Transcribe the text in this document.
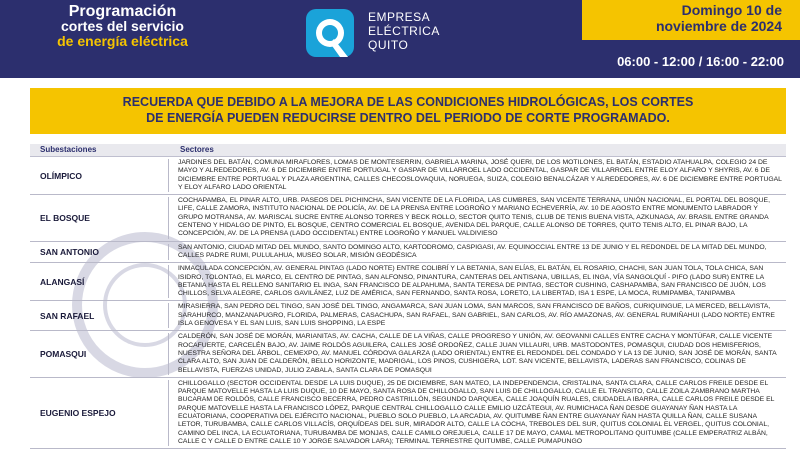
Programación
cortes del servicio
de energía eléctrica
EMPRESA
ELÉCTRICA
QUITO
Domingo 10 de
noviembre de 2024
06:00 - 12:00 / 16:00 - 22:00
RECUERDA QUE DEBIDO A LA MEJORA DE LAS CONDICIONES HIDROLÓGICAS, LOS CORTES
DE ENERGÍA PUEDEN REDUCIRSE DENTRO DEL PERIODO DE CORTE PROGRAMADO.
Subestaciones	Sectores
OLÍMPICO
JARDINES DEL BATÁN, COMUNA MIRAFLORES, LOMAS DE MONTESERRIN, GABRIELA MARINA, JOSÉ QUERI, DE LOS MOTILONES, EL BATÁN, ESTADIO ATAHUALPA, COLEGIO 24 DE MAYO Y ALREDEDORES, AV. 6 DE DICIEMBRE ENTRE PORTUGAL Y GASPAR DE VILLARROEL LADO OCCIDENTAL, GASPAR DE VILLARROEL ENTRE ELOY ALFARO Y SHYRIS, AV. 6 DE DICIEMBRE ENTRE PORTUGAL Y PLAZA ARGENTINA, CALLES CHECOSLOVAQUIA, NORUEGA, SUIZA, COLEGIO BENALCÁZAR Y ALREDEDORES, AV. 6 DE DICIEMBRE ENTRE PORTUGAL Y ELOY ALFARO LADO ORIENTAL
EL BOSQUE
COCHAPAMBA, EL PINAR ALTO, URB. PASEOS DEL PICHINCHA, SAN VICENTE DE LA FLORIDA, LAS CUMBRES, SAN VICENTE TERRANA, UNIÓN NACIONAL, EL PORTAL DEL BOSQUE, LIFE, CALLE ZAMORA, INSTITUTO NACIONAL DE POLICÍA, AV. DE LA PRENSA ENTRE LOGROÑO Y MARIANO ECHEVERRÍA, AV. 10 DE AGOSTO ENTRE MONUMENTO LABRADOR Y GRUPO MOTRANSA, AV. MARISCAL SUCRE ENTRE ALONSO TORRES Y BECK ROLLO, SECTOR QUITO TENIS, CLUB DE TENIS BUENA VISTA, AZKUNAGA, AV. BRASIL ENTRE GRANDA CENTENO Y HIDALGO DE PINTO, EL BOSQUE, CENTRO COMERCIAL EL BOSQUE, AVENIDA DEL PARQUE, CALLE ALONSO DE TORRES, QUITO TENIS ALTO, EL PINAR BAJO, LA CONCEPCIÓN, AV. DE LA PRENSA (LADO OCCIDENTAL) ENTRE LOGROÑO Y MANUEL VALDIVIESO
SAN ANTONIO	SAN ANTONIO, CIUDAD MITAD DEL MUNDO, SANTO DOMINGO ALTO, KARTODROMO, CASPIGASI, AV. EQUINOCCIAL ENTRE 13 DE JUNIO Y EL REDONDEL DE LA MITAD DEL MUNDO, CALLES PADRE RUMI, PULULAHUA, MUSEO SOLAR, MISIÓN GEODÉSICA
ALANGASÍ
INMACULADA CONCEPCIÓN, AV. GENERAL PINTAG (LADO NORTE) ENTRE COLIBRÍ Y LA BETANIA, SAN ELÍAS, EL BATÁN, EL ROSARIO, CHACHI, SAN JUAN TOLA, TOLA CHICA, SAN ISIDRO, TOLONTAG, EL MARCO, EL CENTRO DE PINTAG, SAN ALFONSO, PINANTURA, CANTERAS DEL ANTISANA, UBILLAS, EL INGA, VÍA SANGOLQUÍ - PIFO (LADO SUR) ENTRE LA BETANIA HASTA EL RELLENO SANITARIO EL INGA, SAN FRANCISCO DE ALPAHUMA, SANTA TERESA DE PINTAG, SECTOR CUSHING, CASHAPAMBA, SAN FRANCISCO DE JUÓN, LOS CHILLOS, SELVA ALEGRE, CARLOS GAVILÁNEZ, LUZ DE AMÉRICA, SAN FERNANDO, SANTA ROSA, LORETO, LA LIBERTAD, ISA 1 ESPE, LA MOCA, RUMIPAMBA, TANIPAMBA
SAN RAFAEL
MIRASIERRA, SAN PEDRO DEL TINGO, SAN JOSÉ DEL TINGO, ANGAMARCA, SAN JUAN LOMA, SAN MARCOS, SAN FRANCISCO DE BAÑOS, CURIQUINGUE, LA MERCED, BELLAVISTA, SARAHURCO, MANZANAPUGRO, FLORIDA, PALMERAS, CASACHUPA, SAN RAFAEL, SAN GABRIEL, SAN CARLOS, AV. RÍO AMAZONAS, AV. GENERAL RUMIÑAHUI (LADO NORTE) ENTRE ISLA GENOVESA Y EL SAN LUIS, SAN LUIS SHOPPING, LA ESPE
POMASQUI
CALDERÓN, SAN JOSÉ DE MORÁN, MARIANITAS, AV. CACHA, CALLE DE LA VIÑAS, CALLE PROGRESO Y UNIÓN, AV. GEOVANNI CALLES ENTRE CACHA Y MONTÚFAR, CALLE VICENTE ROCAFUERTE, CARCELÉN BAJO, AV. JAIME ROLDÓS AGUILERA, CALLES JOSÉ ORDOÑEZ, CALLE JUAN VILLAURI, URB. MASTODONTES, POMASQUI, CIUDAD DOS HEMISFERIOS, NUESTRA SEÑORA DEL ÁRBOL, CEMEXPO, AV. MANUEL CÓRDOVA GALARZA (LADO ORIENTAL) ENTRE EL REDONDEL DEL CONDADO Y LA 13 DE JUNIO, SAN JOSÉ DE MORÁN, SANTA CLARA ALTO, SAN JUAN DE CALDERÓN, BELLO HORIZONTE, MADRIGAL, LOS PINOS, CUSHIGERA, LOT. SAN VICENTE, BELLAVISTA, LADERAS SAN FRANCISCO, COLINAS DE BELLAVISTA, FUERZAS UNIDAD, JULIO ZABALA, SANTA CLARA DE POMASQUI
EUGENIO ESPEJO
CHILLOGALLO (SECTOR OCCIDENTAL DESDE LA LUIS DUQUE), 25 DE DICIEMBRE, SAN MATEO, LA INDEPENDENCIA, CRISTALINA, SANTA CLARA, CALLE CARLOS FREILE DESDE EL PARQUE MATOVELLE HASTA LA LUIS DUQUE, 10 DE MAYO, SANTA ROSA DE CHILLOGALLO, SAN LUIS DE CHILLOGALLO, CALLE EL TRANSITO, CALLE ZOILA ZAMBRANO MARTHA BUCARAM DE ROLDÓS, CALLE FRANCISCO BECERRA, PEDRO CASTRILLÓN, SEGUNDO DARQUEA, CALLE JOAQUÍN RUALES, CIUDADELA IBARRA, CALLE CARLOS FREILE DESDE EL PARQUE MATOVELLE HASTA LA FRANCISCO LÓPEZ, PARQUE CENTRAL CHILLOGALLO CALLE EMILIO UZCÁTEGUI, AV. RUMICHACA ÑAN DESDE GUAYANAY ÑAN HASTA LA ECUATORIANA, COOPERATIVA DEL EJÉRCITO NACIONAL, PUEBLO SOLO PUEBLO, LA ARCADIA, AV. QUITUMBE ÑAN ENTRE GUAYANAY ÑAN HASTA QUILLA ÑAN, CALLE SUSANA LETOR, TURUBAMBA, CALLE CARLOS VILLACÍS, ORQUÍDEAS DEL SUR, MIRADOR ALTO, CALLE LA COCHA, TREBOLES DEL SUR, QUITUS COLONIAL EL VERGEL, QUITUS COLONIAL, CAMINO DEL INCA, LA ECUATORIANA, TURUBAMBA DE MONJAS, CALLE CAMILO OREJUELA, CALLE 17 DE MAYO, CAMAL METROPOLITANO QUITUMBE (CALLE EMPERATRIZ ALBÁN, CALLE C Y CALLE D ENTRE CALLE 10 Y JORGE SALVADOR LARA); TERMINAL TERRESTRE QUITUMBE, CALLE PUMAPUNGO
